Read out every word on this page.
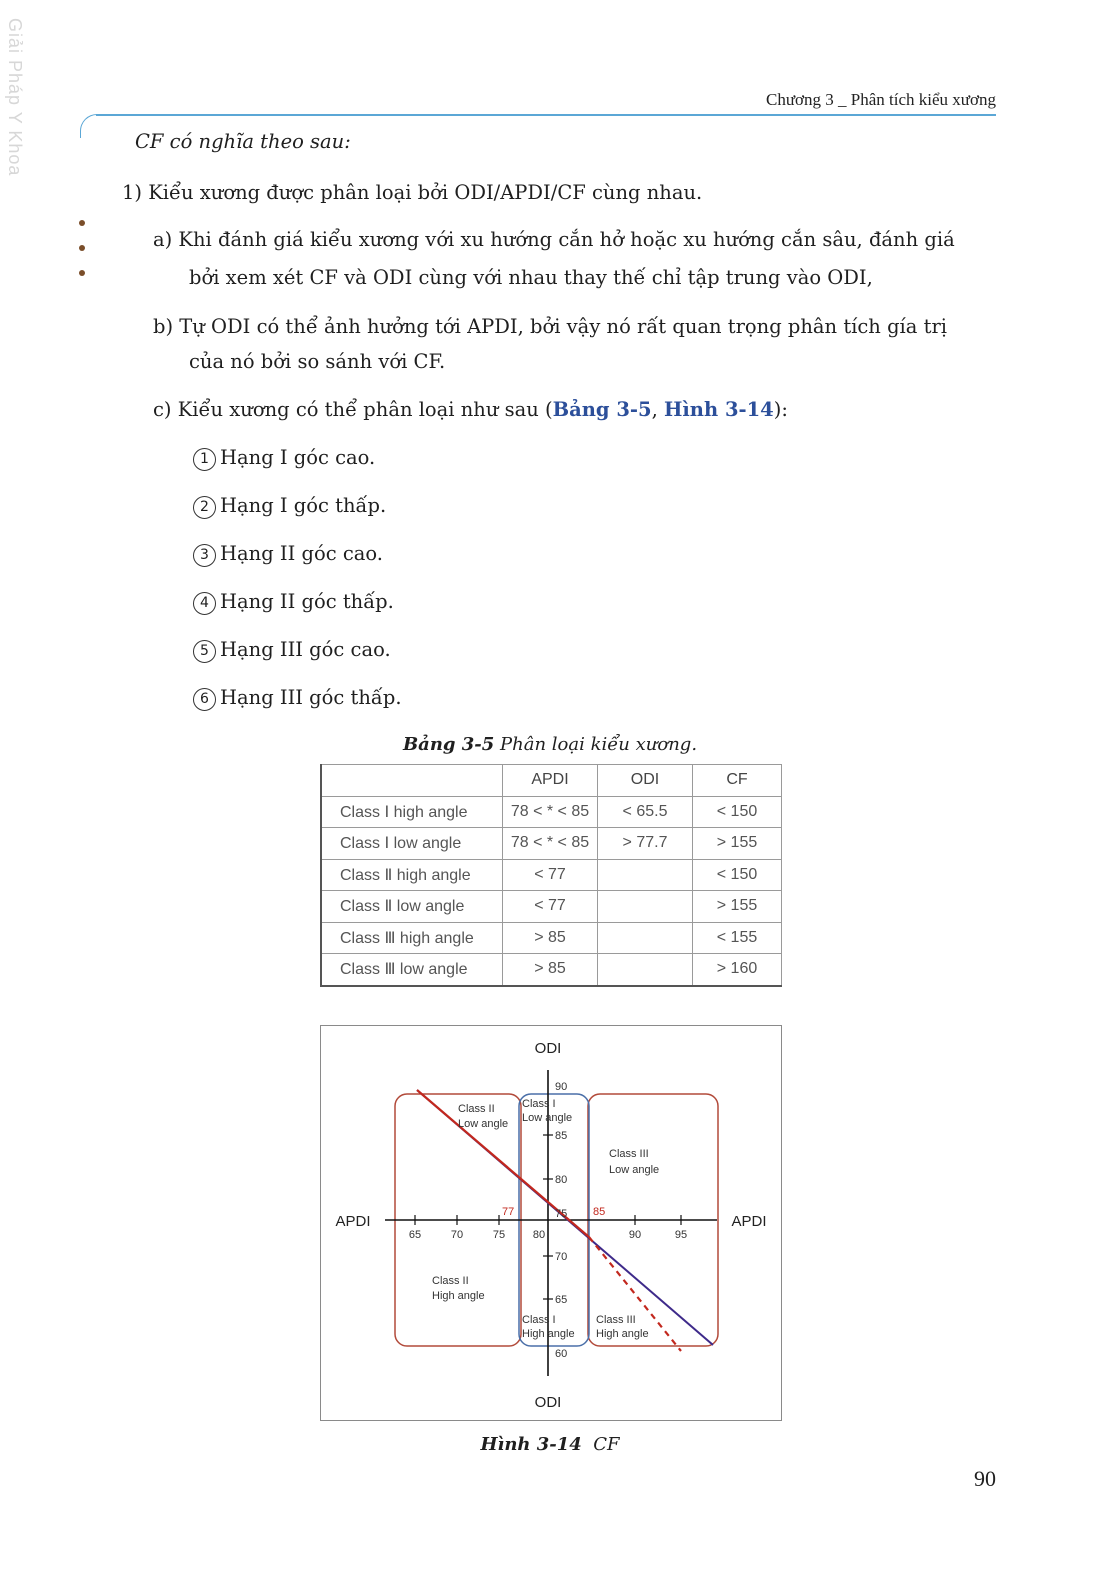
Giải Pháp Y Khoa	Chương 3 _ Phân tích kiểu xương
CF có nghĩa theo sau:
1) Kiểu xương được phân loại bởi ODI/APDI/CF cùng nhau.
a) Khi đánh giá kiểu xương với xu hướng cắn hở hoặc xu hướng cắn sâu, đánh giá
bởi xem xét CF và ODI cùng với nhau thay thế chỉ tập trung vào ODI,
b) Tự ODI có thể ảnh hưởng tới APDI, bởi vậy nó rất quan trọng phân tích gía trị
của nó bởi so sánh với CF.
c) Kiểu xương có thể phân loại như sau (Bảng 3-5, Hình 3-14):
1 Hạng I góc cao.
2 Hạng I góc thấp.
3 Hạng II góc cao.
4 Hạng II góc thấp.
5 Hạng III góc cao.
6 Hạng III góc thấp.
Bảng 3-5 Phân loại kiểu xương.
	APDI	ODI	CF
Class Ⅰ high angle	78 < * < 85	< 65.5	< 150
Class Ⅰ low angle	78 < * < 85	> 77.7	> 155
Class Ⅱ high angle	< 77		< 150
Class Ⅱ low angle	< 77		> 155
Class Ⅲ high angle	> 85		< 155
Class Ⅲ low angle	> 85		> 160
ODI
ODI
APDI	APDI
65	70	75	80	90	95
90
85
80
75
70
65
60
77	85
Class II
Low angle
Class I
Low angle
Class III
Low angle
Class II
High angle
Class I
High angle
Class III
High angle
Hình 3-14  CF
90
